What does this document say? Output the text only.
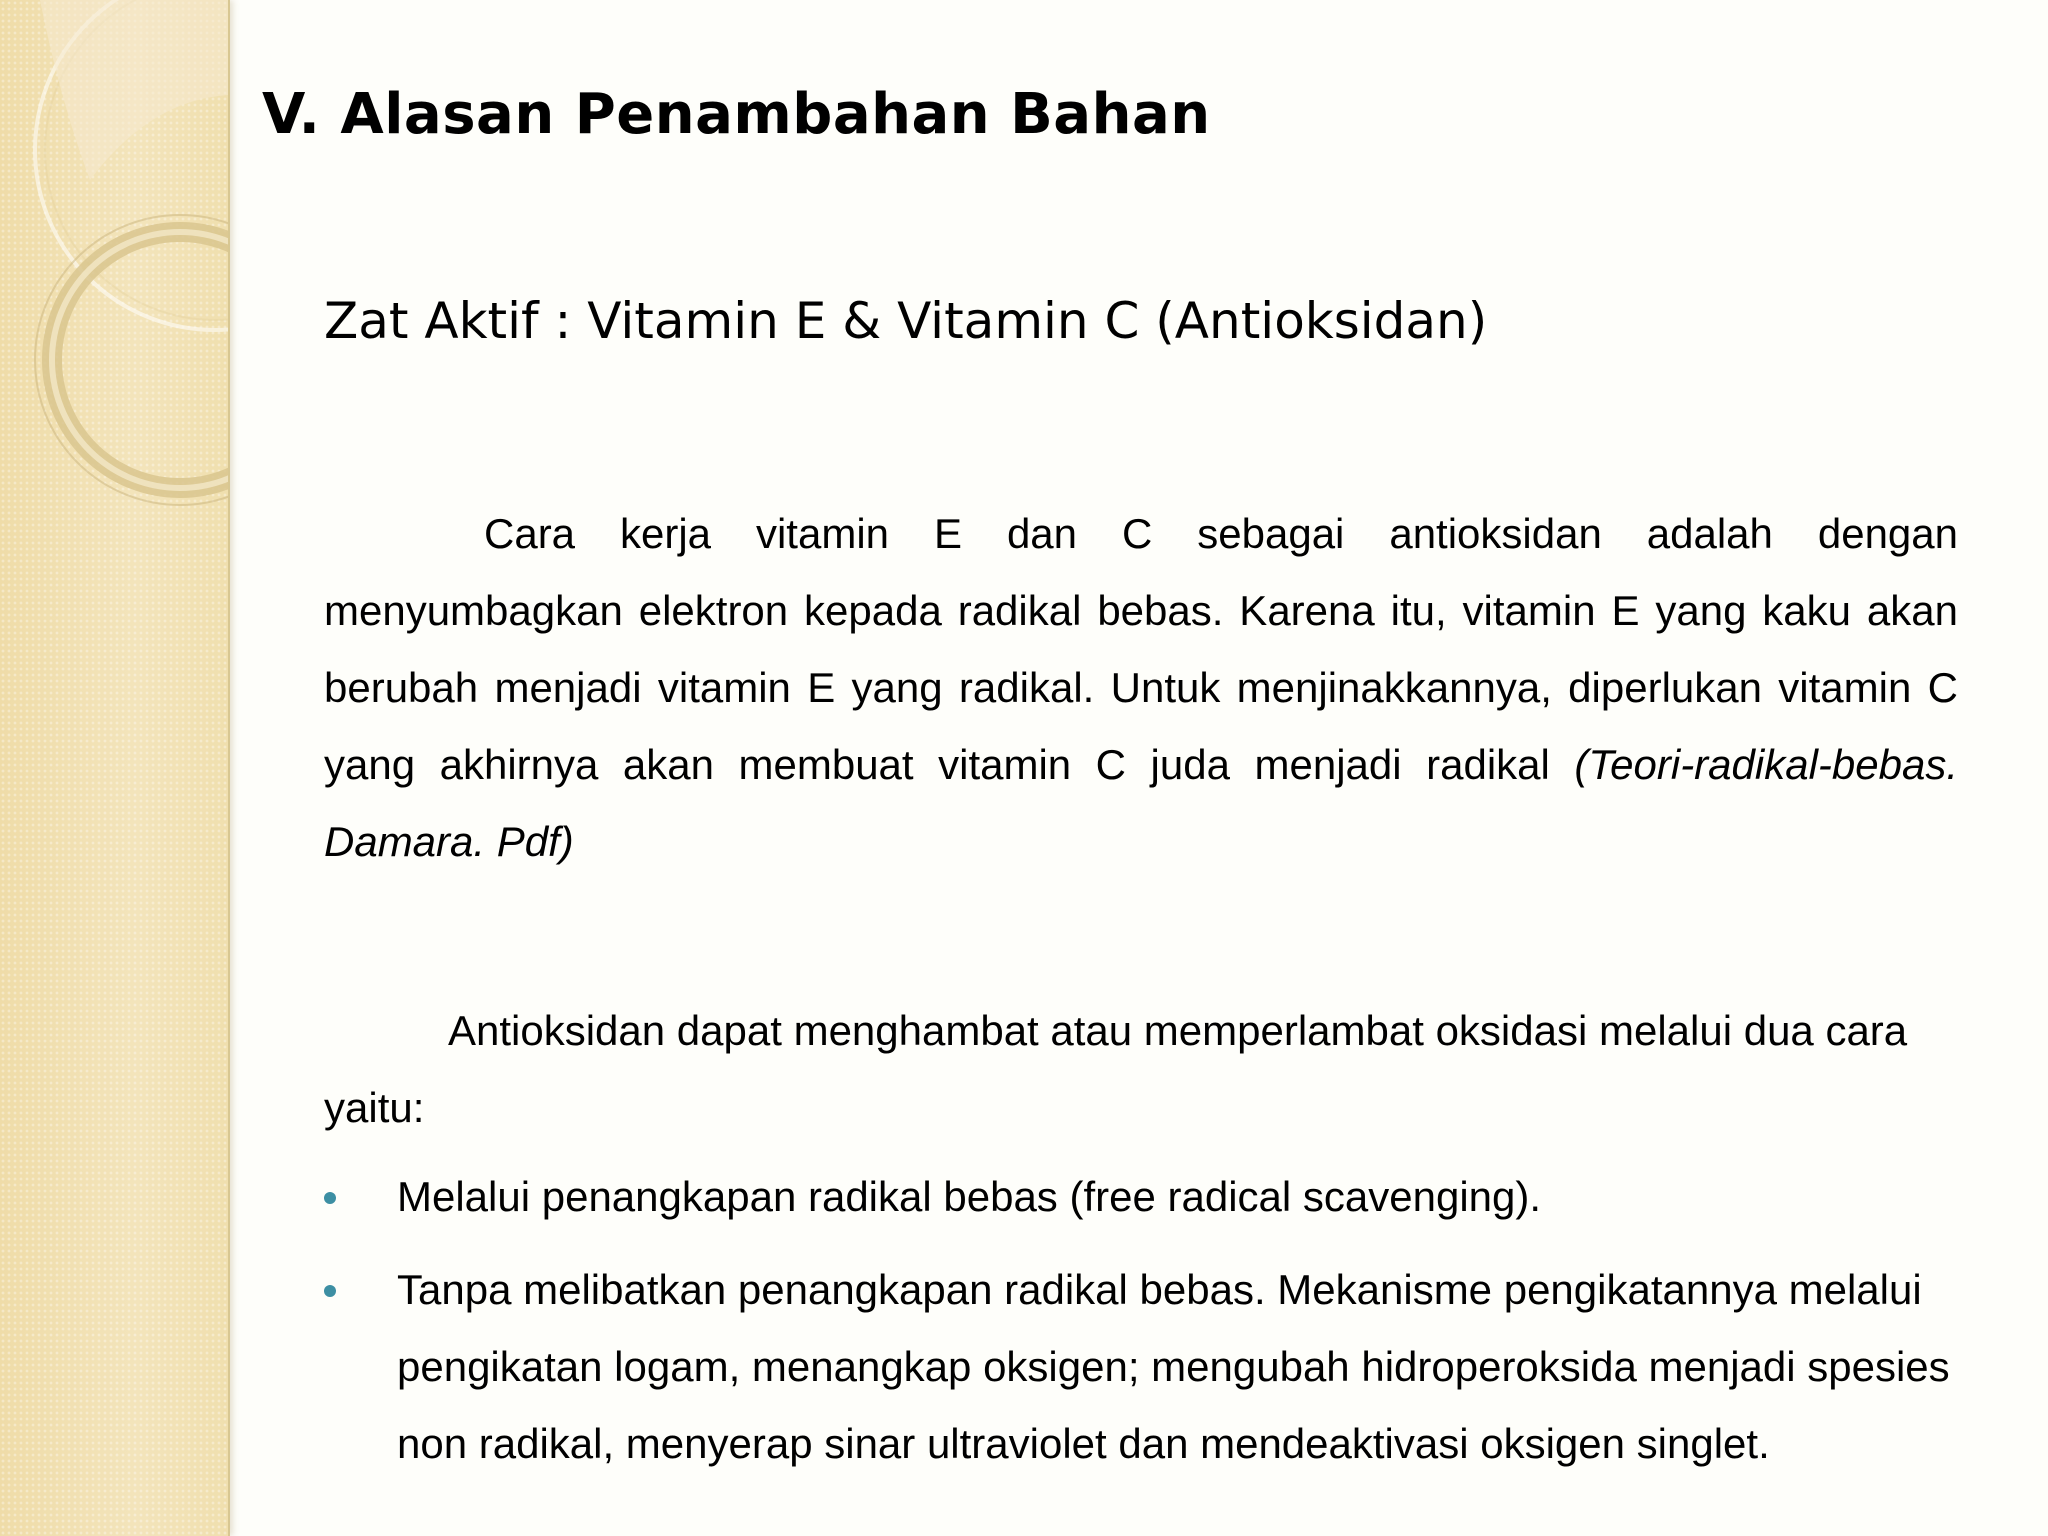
V. Alasan Penambahan Bahan
Zat Aktif : Vitamin E & Vitamin C (Antioksidan)

Cara kerja vitamin E dan C sebagai antioksidan adalah dengan menyumbagkan elektron kepada radikal bebas. Karena itu, vitamin E yang kaku akan berubah menjadi vitamin E yang radikal. Untuk menjinakkannya, diperlukan vitamin C yang akhirnya akan membuat vitamin C juda menjadi radikal (Teori-radikal-bebas. Damara. Pdf)

Antioksidan dapat menghambat atau memperlambat oksidasi melalui dua cara yaitu:

Melalui penangkapan radikal bebas (free radical scavenging).
Tanpa melibatkan penangkapan radikal bebas. Mekanisme pengikatannya melalui pengikatan logam, menangkap oksigen; mengubah hidroperoksida menjadi spesies non radikal, menyerap sinar ultraviolet dan mendeaktivasi oksigen singlet.
